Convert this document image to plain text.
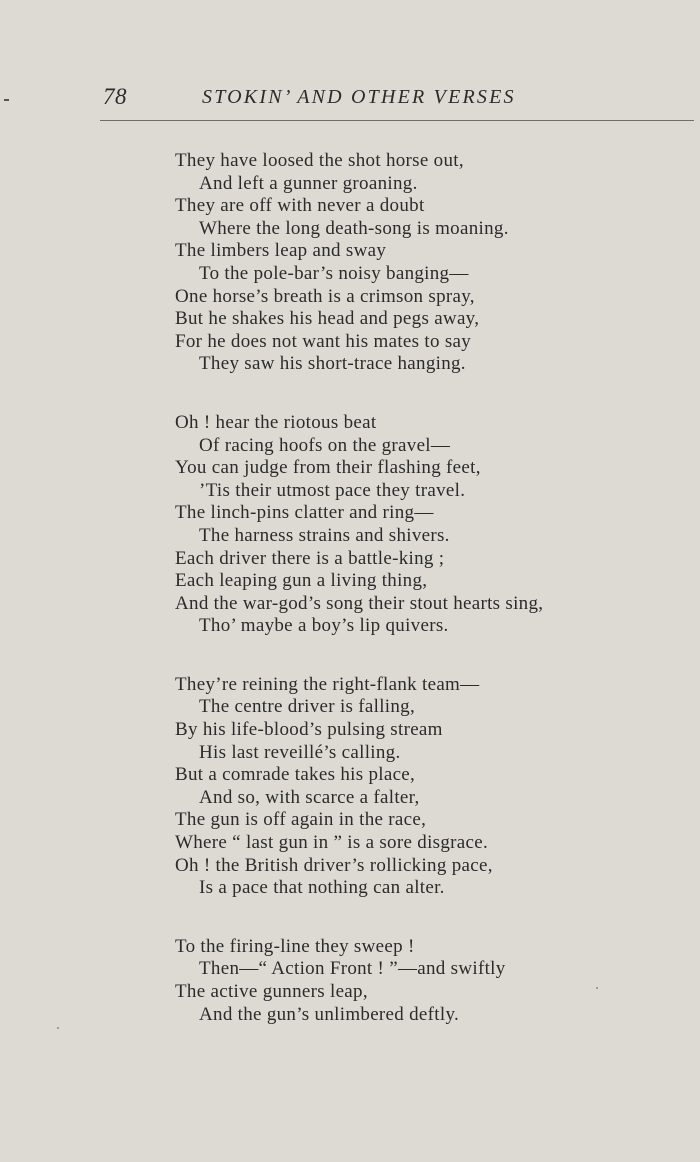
78	STOKIN’ AND OTHER VERSES
They have loosed the shot horse out,
And left a gunner groaning.
They are off with never a doubt
Where the long death-song is moaning.
The limbers leap and sway
To the pole-bar’s noisy banging—
One horse’s breath is a crimson spray,
But he shakes his head and pegs away,
For he does not want his mates to say
They saw his short-trace hanging.
Oh ! hear the riotous beat
Of racing hoofs on the gravel—
You can judge from their flashing feet,
’Tis their utmost pace they travel.
The linch-pins clatter and ring—
The harness strains and shivers.
Each driver there is a battle-king ;
Each leaping gun a living thing,
And the war-god’s song their stout hearts sing,
Tho’ maybe a boy’s lip quivers.
They’re reining the right-flank team—
The centre driver is falling,
By his life-blood’s pulsing stream
His last reveillé’s calling.
But a comrade takes his place,
And so, with scarce a falter,
The gun is off again in the race,
Where “ last gun in ” is a sore disgrace.
Oh ! the British driver’s rollicking pace,
Is a pace that nothing can alter.
To the firing-line they sweep !
Then—“ Action Front ! ”—and swiftly
The active gunners leap,
And the gun’s unlimbered deftly.
